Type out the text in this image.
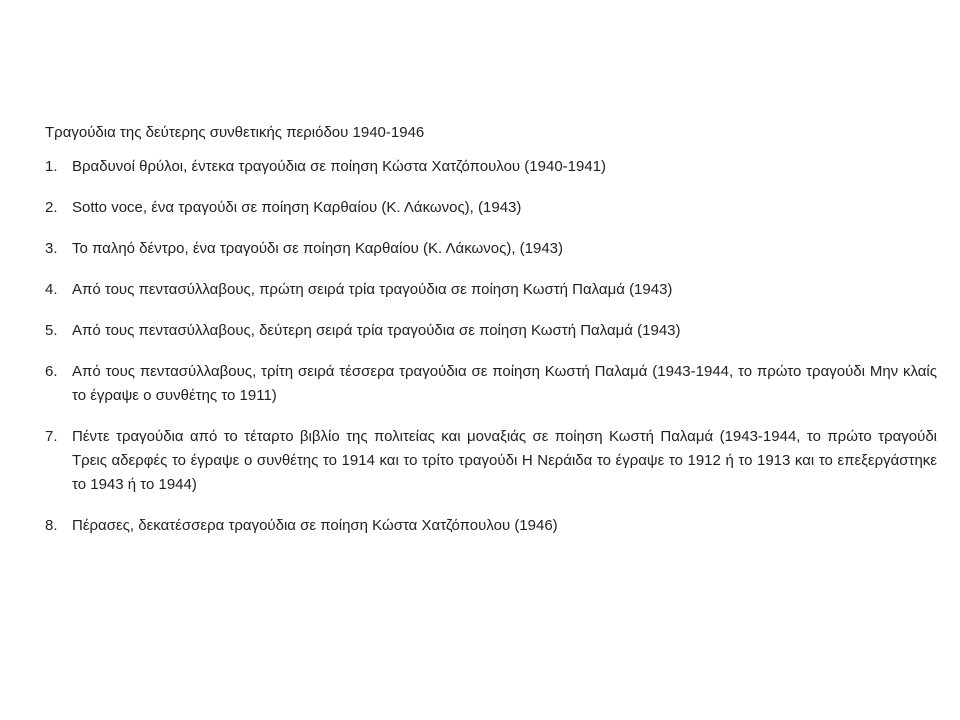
Τραγούδια της δεύτερης συνθετικής περιόδου 1940-1946
1. Βραδυνοί θρύλοι, έντεκα τραγούδια σε ποίηση Κώστα Χατζόπουλου (1940-1941)
2. Sotto voce, ένα τραγούδι σε ποίηση Καρθαίου (Κ. Λάκωνος), (1943)
3. Το παληό δέντρο, ένα τραγούδι σε ποίηση Καρθαίου (Κ. Λάκωνος), (1943)
4. Από τους πεντασύλλαβους, πρώτη σειρά τρία τραγούδια σε ποίηση Κωστή Παλαμά (1943)
5. Από τους πεντασύλλαβους, δεύτερη σειρά τρία τραγούδια σε ποίηση Κωστή Παλαμά (1943)
6. Από τους πεντασύλλαβους, τρίτη σειρά τέσσερα τραγούδια σε ποίηση Κωστή Παλαμά (1943-1944, το πρώτο τραγούδι Μην κλαίς το έγραψε ο συνθέτης το 1911)
7. Πέντε τραγούδια από το τέταρτο βιβλίο της πολιτείας και μοναξιάς σε ποίηση Κωστή Παλαμά (1943-1944, το πρώτο τραγούδι Τρεις αδερφές το έγραψε ο συνθέτης το 1914 και το τρίτο τραγούδι Η Νεράιδα το έγραψε το 1912 ή το 1913 και το επεξεργάστηκε το 1943 ή το 1944)
8. Πέρασες, δεκατέσσερα τραγούδια σε ποίηση Κώστα Χατζόπουλου (1946)
